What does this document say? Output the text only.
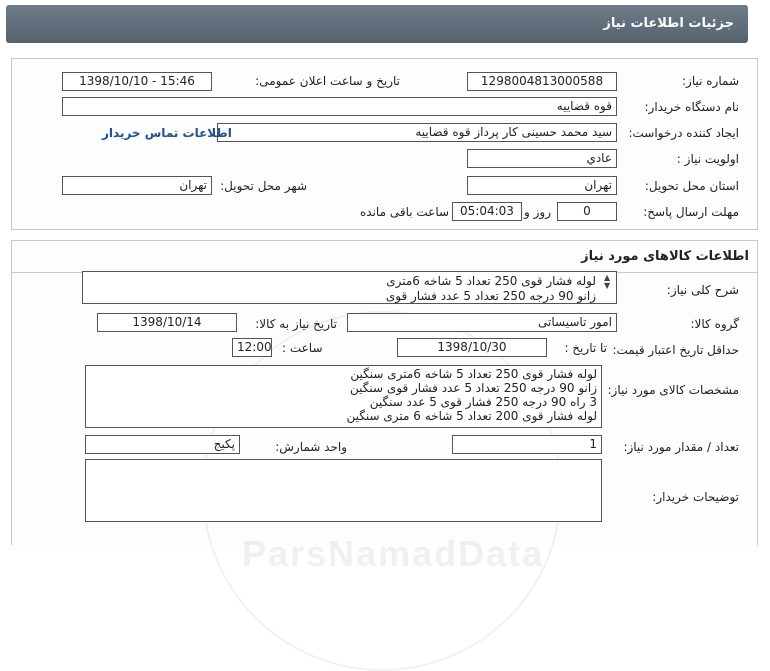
جزئیات اطلاعات نیاز
شماره نیاز:
1298004813000588
تاریخ و ساعت اعلان عمومی:
1398/10/10 - 15:46
نام دستگاه خریدار:
قوه قضاییه
ایجاد کننده درخواست:
سید محمد حسینی کار پرداز قوه قضاییه
اطلاعات تماس خریدار
اولویت نیاز :
عادي
استان محل تحویل:
تهران
شهر محل تحویل:
تهران
مهلت ارسال پاسخ:
0
روز و
05:04:03
ساعت باقی مانده
ParsNamadData
اطلاعات کالاهای مورد نیاز
شرح کلی نیاز:
▲
▼
لوله فشار قوی 250 تعداد 5 شاخه 6متری
زانو 90 درجه 250 تعداد 5 عدد فشار قوی
گروه کالا:
امور تاسیساتی
تاریخ نیاز به کالا:
1398/10/14
حداقل تاریخ اعتبار قیمت:
تا تاریخ :
1398/10/30
ساعت :
12:00
مشخصات کالای مورد نیاز:
لوله فشار قوی 250 تعداد 5 شاخه 6متری سنگین
زانو 90 درجه 250 تعداد 5 عدد فشار قوی سنگین
3 راه 90 درجه 250 فشار قوی 5 عدد سنگین
لوله فشار قوی 200 تعداد 5 شاخه 6 متری سنگین
تعداد / مقدار مورد نیاز:
1
واحد شمارش:
پکیج
توضیحات خریدار:
